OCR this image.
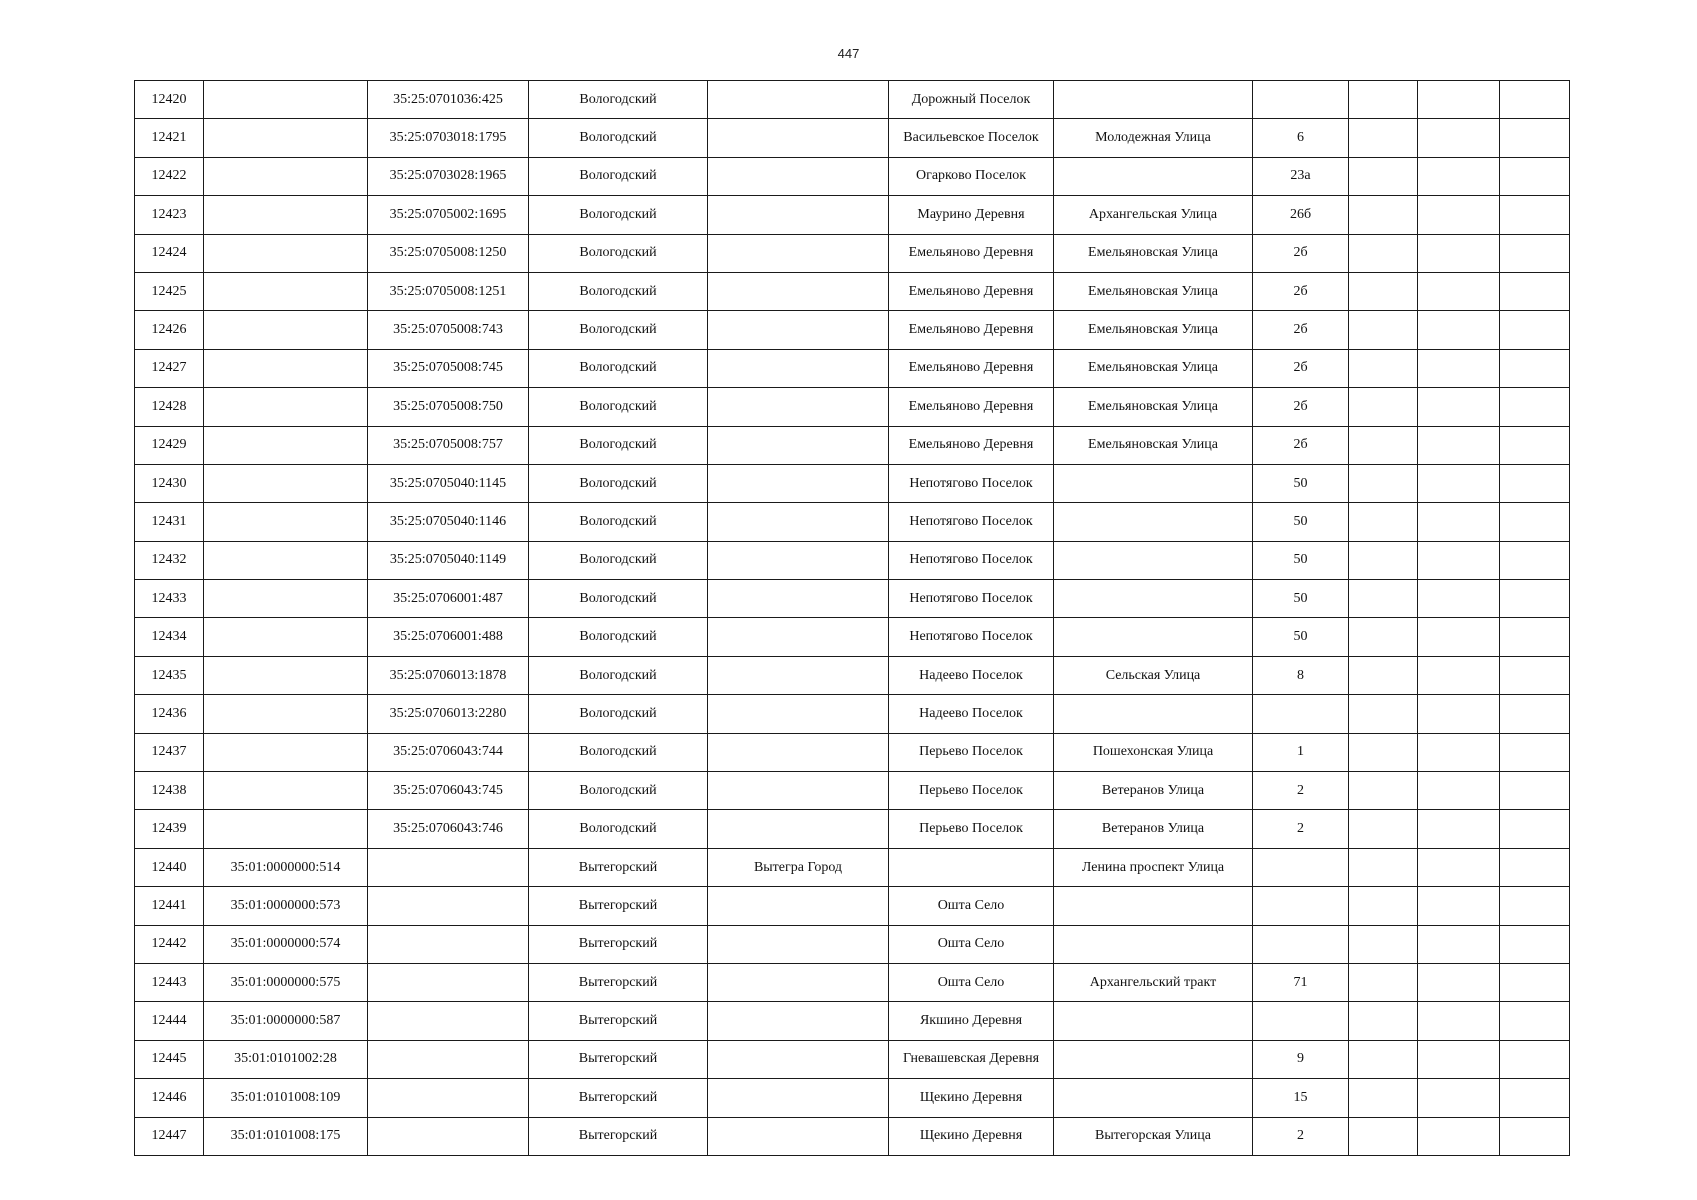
447
12420		35:25:0701036:425	Вологодский		Дорожный Поселок					
12421		35:25:0703018:1795	Вологодский		Васильевское Поселок	Молодежная Улица	6			
12422		35:25:0703028:1965	Вологодский		Огарково Поселок		23а			
12423		35:25:0705002:1695	Вологодский		Маурино Деревня	Архангельская Улица	26б			
12424		35:25:0705008:1250	Вологодский		Емельяново Деревня	Емельяновская Улица	2б			
12425		35:25:0705008:1251	Вологодский		Емельяново Деревня	Емельяновская Улица	2б			
12426		35:25:0705008:743	Вологодский		Емельяново Деревня	Емельяновская Улица	2б			
12427		35:25:0705008:745	Вологодский		Емельяново Деревня	Емельяновская Улица	2б			
12428		35:25:0705008:750	Вологодский		Емельяново Деревня	Емельяновская Улица	2б			
12429		35:25:0705008:757	Вологодский		Емельяново Деревня	Емельяновская Улица	2б			
12430		35:25:0705040:1145	Вологодский		Непотягово Поселок		50			
12431		35:25:0705040:1146	Вологодский		Непотягово Поселок		50			
12432		35:25:0705040:1149	Вологодский		Непотягово Поселок		50			
12433		35:25:0706001:487	Вологодский		Непотягово Поселок		50			
12434		35:25:0706001:488	Вологодский		Непотягово Поселок		50			
12435		35:25:0706013:1878	Вологодский		Надеево Поселок	Сельская Улица	8			
12436		35:25:0706013:2280	Вологодский		Надеево Поселок					
12437		35:25:0706043:744	Вологодский		Перьево Поселок	Пошехонская Улица	1			
12438		35:25:0706043:745	Вологодский		Перьево Поселок	Ветеранов Улица	2			
12439		35:25:0706043:746	Вологодский		Перьево Поселок	Ветеранов Улица	2			
12440	35:01:0000000:514		Вытегорский	Вытегра Город		Ленина проспект Улица				
12441	35:01:0000000:573		Вытегорский		Ошта Село					
12442	35:01:0000000:574		Вытегорский		Ошта Село					
12443	35:01:0000000:575		Вытегорский		Ошта Село	Архангельский тракт	71			
12444	35:01:0000000:587		Вытегорский		Якшино Деревня					
12445	35:01:0101002:28		Вытегорский		Гневашевская Деревня		9			
12446	35:01:0101008:109		Вытегорский		Щекино Деревня		15			
12447	35:01:0101008:175		Вытегорский		Щекино Деревня	Вытегорская Улица	2			
